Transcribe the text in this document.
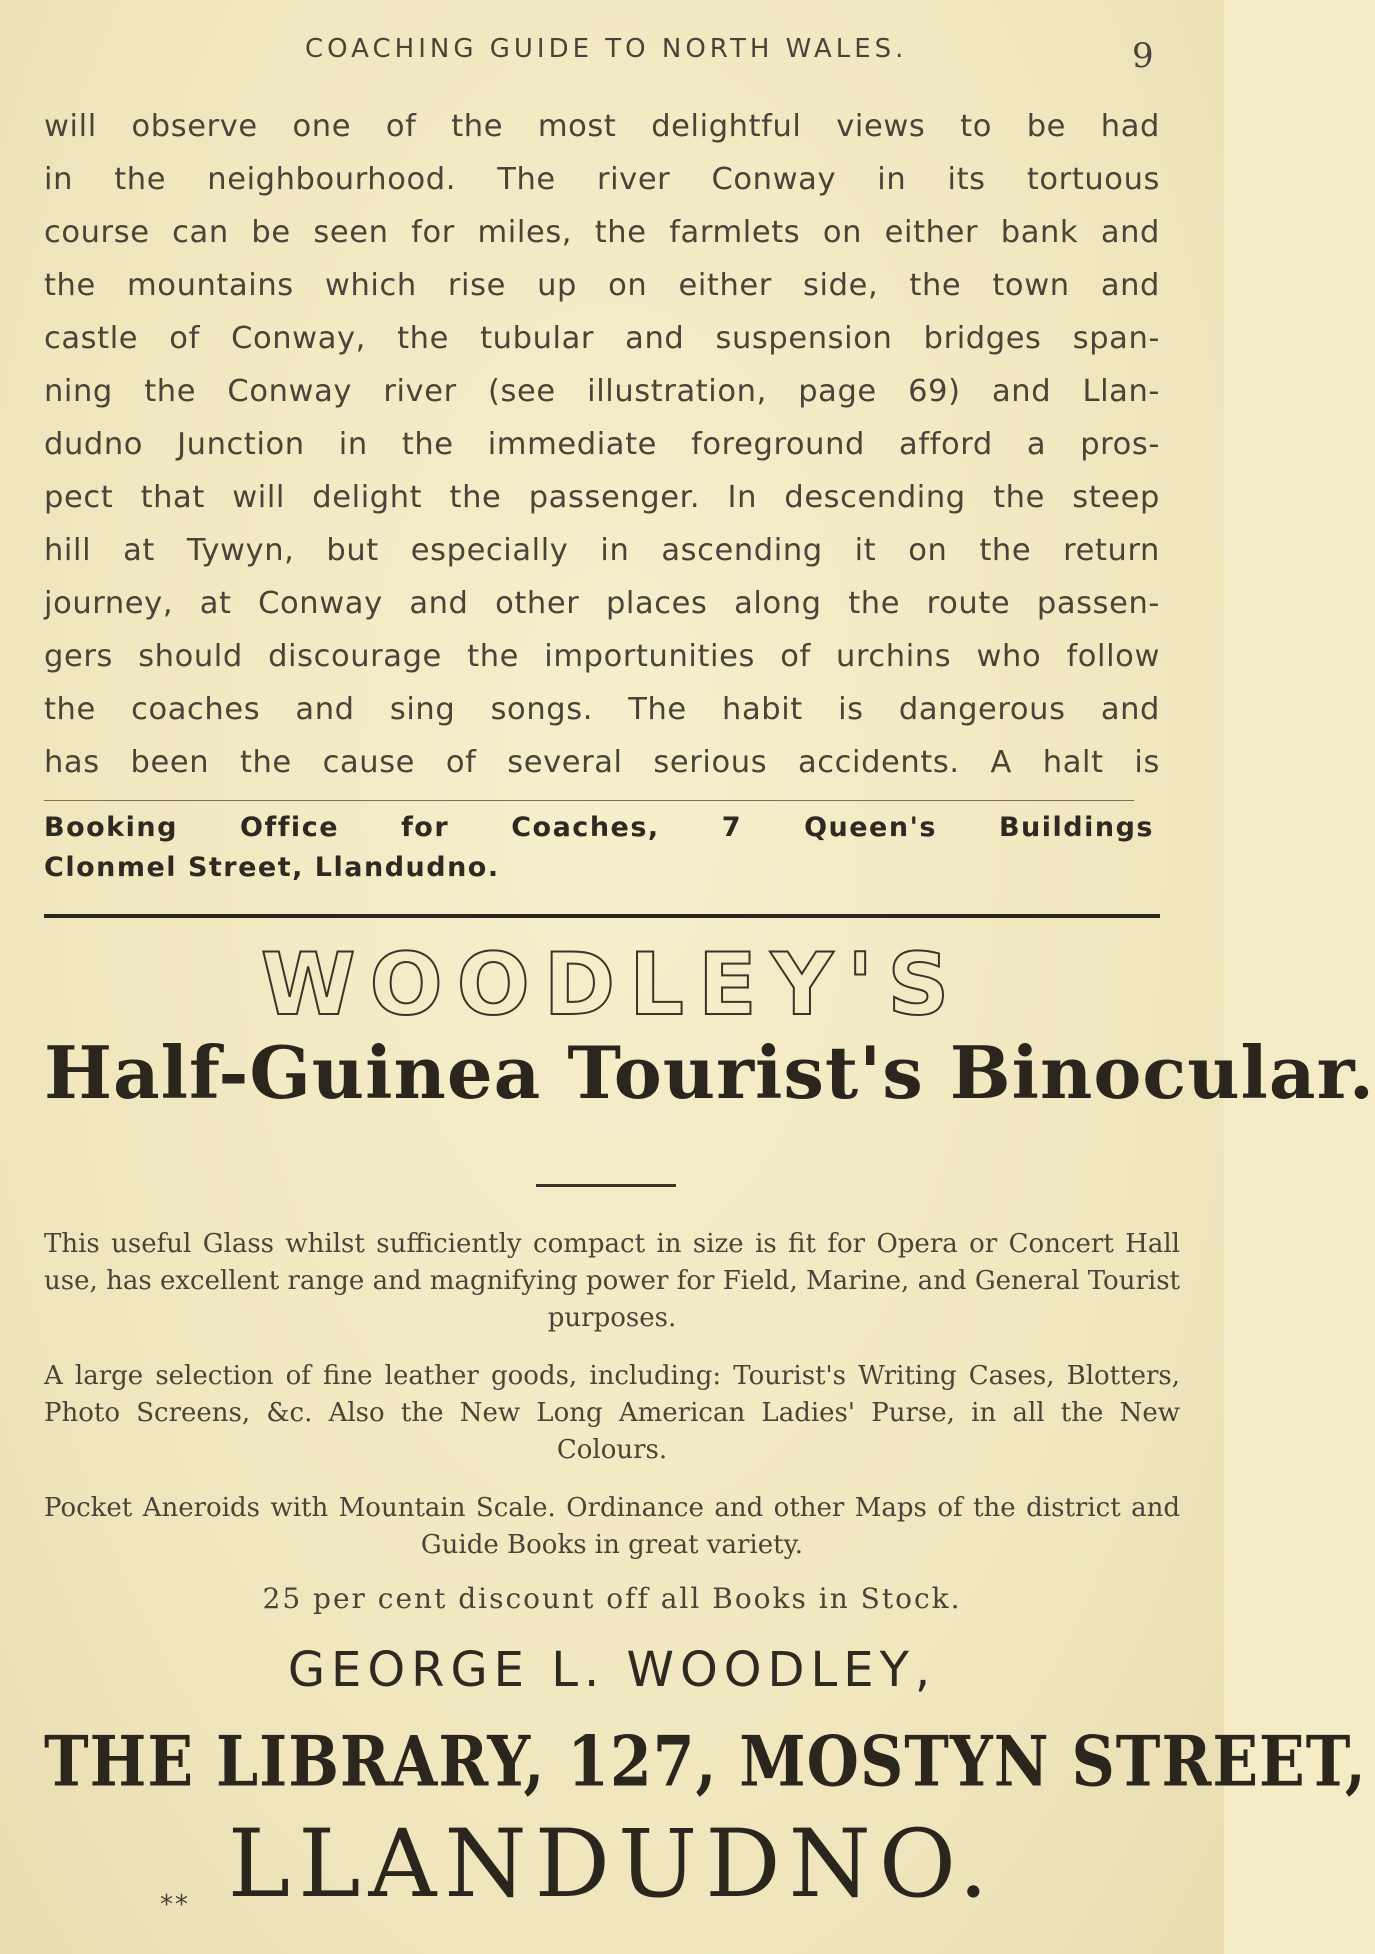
COACHING GUIDE TO NORTH WALES.	9
will observe one of the most delightful views to be had
in the neighbourhood. The river Conway in its tortuous
course can be seen for miles, the farmlets on either bank and
the mountains which rise up on either side, the town and
castle of Conway, the tubular and suspension bridges span-
ning the Conway river (see illustration, page 69) and Llan-
dudno Junction in the immediate foreground afford a pros-
pect that will delight the passenger. In descending the steep
hill at Tywyn, but especially in ascending it on the return
journey, at Conway and other places along the route passen-
gers should discourage the importunities of urchins who follow
the coaches and sing songs. The habit is dangerous and
has been the cause of several serious accidents. A halt is
Booking Office for Coaches, 7 Queen's Buildings
Clonmel Street, Llandudno.
WOODLEY'S
Half-Guinea Tourist's Binocular.
This useful Glass whilst sufficiently compact in size is fit for Opera or Concert Hall use, has excellent range and magnifying power for Field, Marine, and General Tourist purposes.
A large selection of fine leather goods, including: Tourist's Writing Cases, Blotters, Photo Screens, &c. Also the New Long American Ladies' Purse, in all the New Colours.
Pocket Aneroids with Mountain Scale. Ordinance and other Maps of the district and Guide Books in great variety.
25 per cent discount off all Books in Stock.
GEORGE L. WOODLEY,
THE LIBRARY, 127, MOSTYN STREET,
LLANDUDNO.
**
